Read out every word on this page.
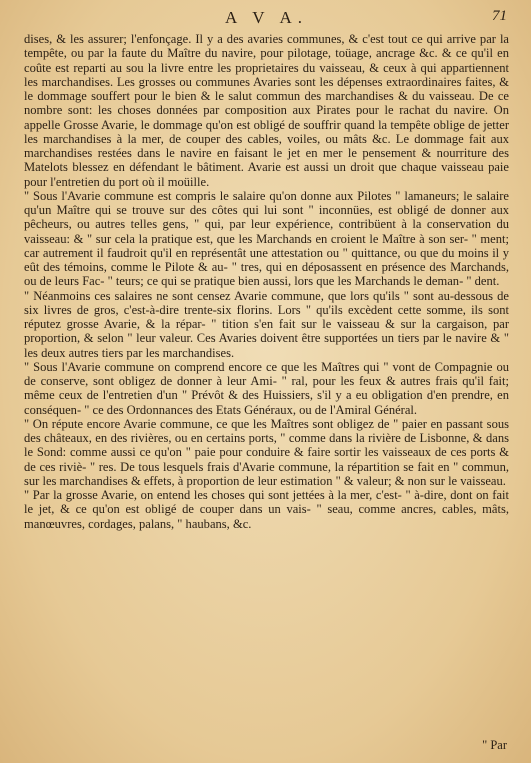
A V A.	71

dises, & les assurer; l'enfonçage. Il y a des avaries communes, & c'est tout ce qui arrive par la tempête, ou par la faute du Maître du navire, pour pilotage, toüage, ancrage &c. & ce qu'il en coûte est reparti au sou la livre entre les proprietaires du vaisseau, & ceux à qui appartiennent les marchandises. Les grosses ou communes Avaries sont les dépenses extraordinaires faites, & le dommage souffert pour le bien & le salut commun des marchandises & du vaisseau. De ce nombre sont: les choses données par composition aux Pirates pour le rachat du navire. On appelle Grosse Avarie, le dommage qu'on est obligé de souffrir quand la tempête oblige de jetter les marchandises à la mer, de couper des cables, voiles, ou mâts &c. Le dommage fait aux marchandises restées dans le navire en faisant le jet en mer le pensement & nourriture des Matelots blessez en défendant le bâtiment. Avarie est aussi un droit que chaque vaisseau paie pour l'entretien du port où il moüille.

" Sous l'Avarie commune est compris le salaire qu'on donne aux Pilotes " lamaneurs; le salaire qu'un Maître qui se trouve sur des côtes qui lui sont " inconnües, est obligé de donner aux pêcheurs, ou autres telles gens, " qui, par leur expérience, contribüent à la conservation du vaisseau: & " sur cela la pratique est, que les Marchands en croient le Maître à son ser- " ment; car autrement il faudroit qu'il en représentât une attestation ou " quittance, ou que du moins il y eût des témoins, comme le Pilote & au- " tres, qui en déposassent en présence des Marchands, ou de leurs Fac- " teurs; ce qui se pratique bien aussi, lors que les Marchands le deman- " dent.

" Néanmoins ces salaires ne sont censez Avarie commune, que lors qu'ils " sont au-dessous de six livres de gros, c'est-à-dire trente-six florins. Lors " qu'ils excèdent cette somme, ils sont réputez grosse Avarie, & la répar- " tition s'en fait sur le vaisseau & sur la cargaison, par proportion, & selon " leur valeur. Ces Avaries doivent être supportées un tiers par le navire & " les deux autres tiers par les marchandises.

" Sous l'Avarie commune on comprend encore ce que les Maîtres qui " vont de Compagnie ou de conserve, sont obligez de donner à leur Ami- " ral, pour les feux & autres frais qu'il fait; même ceux de l'entretien d'un " Prévôt & des Huissiers, s'il y a eu obligation d'en prendre, en conséquen- " ce des Ordonnances des Etats Généraux, ou de l'Amiral Général.

" On répute encore Avarie commune, ce que les Maîtres sont obligez de " paier en passant sous des châteaux, en des rivières, ou en certains ports, " comme dans la rivière de Lisbonne, & dans le Sond: comme aussi ce qu'on " paie pour conduire & faire sortir les vaisseaux de ces ports & de ces riviè- " res. De tous lesquels frais d'Avarie commune, la répartition se fait en " commun, sur les marchandises & effets, à proportion de leur estimation " & valeur; & non sur le vaisseau.

" Par la grosse Avarie, on entend les choses qui sont jettées à la mer, c'est- " à-dire, dont on fait le jet, & ce qu'on est obligé de couper dans un vais- " seau, comme ancres, cables, mâts, manœuvres, cordages, palans, " haubans, &c.

" Par
